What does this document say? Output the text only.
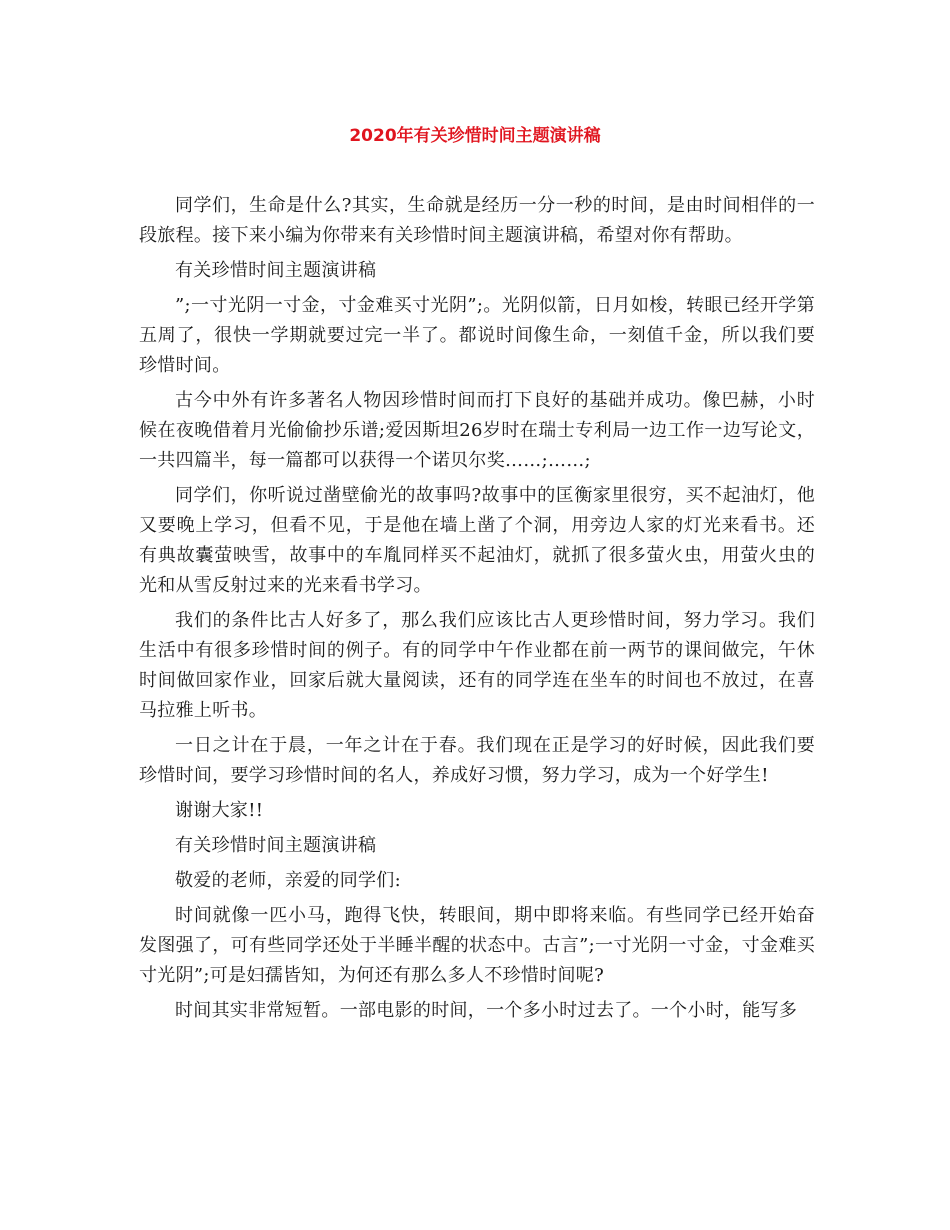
2020年有关珍惜时间主题演讲稿

同学们，生命是什么?其实，生命就是经历一分一秒的时间，是由时间相伴的一段旅程。接下来小编为你带来有关珍惜时间主题演讲稿，希望对你有帮助。

有关珍惜时间主题演讲稿

”;一寸光阴一寸金，寸金难买寸光阴”;。光阴似箭，日月如梭，转眼已经开学第五周了，很快一学期就要过完一半了。都说时间像生命，一刻值千金，所以我们要珍惜时间。

古今中外有许多著名人物因珍惜时间而打下良好的基础并成功。像巴赫，小时候在夜晚借着月光偷偷抄乐谱;爱因斯坦26岁时在瑞士专利局一边工作一边写论文，一共四篇半，每一篇都可以获得一个诺贝尔奖……;……;

同学们，你听说过凿壁偷光的故事吗?故事中的匡衡家里很穷，买不起油灯，他又要晚上学习，但看不见，于是他在墙上凿了个洞，用旁边人家的灯光来看书。还有典故囊萤映雪，故事中的车胤同样买不起油灯，就抓了很多萤火虫，用萤火虫的光和从雪反射过来的光来看书学习。

我们的条件比古人好多了，那么我们应该比古人更珍惜时间，努力学习。我们生活中有很多珍惜时间的例子。有的同学中午作业都在前一两节的课间做完，午休时间做回家作业，回家后就大量阅读，还有的同学连在坐车的时间也不放过，在喜马拉雅上听书。

一日之计在于晨，一年之计在于春。我们现在正是学习的好时候，因此我们要珍惜时间，要学习珍惜时间的名人，养成好习惯，努力学习，成为一个好学生!

谢谢大家!!

有关珍惜时间主题演讲稿

敬爱的老师，亲爱的同学们:

时间就像一匹小马，跑得飞快，转眼间，期中即将来临。有些同学已经开始奋发图强了，可有些同学还处于半睡半醒的状态中。古言”;一寸光阴一寸金，寸金难买寸光阴”;可是妇孺皆知，为何还有那么多人不珍惜时间呢?

时间其实非常短暂。一部电影的时间，一个多小时过去了。一个小时，能写多
